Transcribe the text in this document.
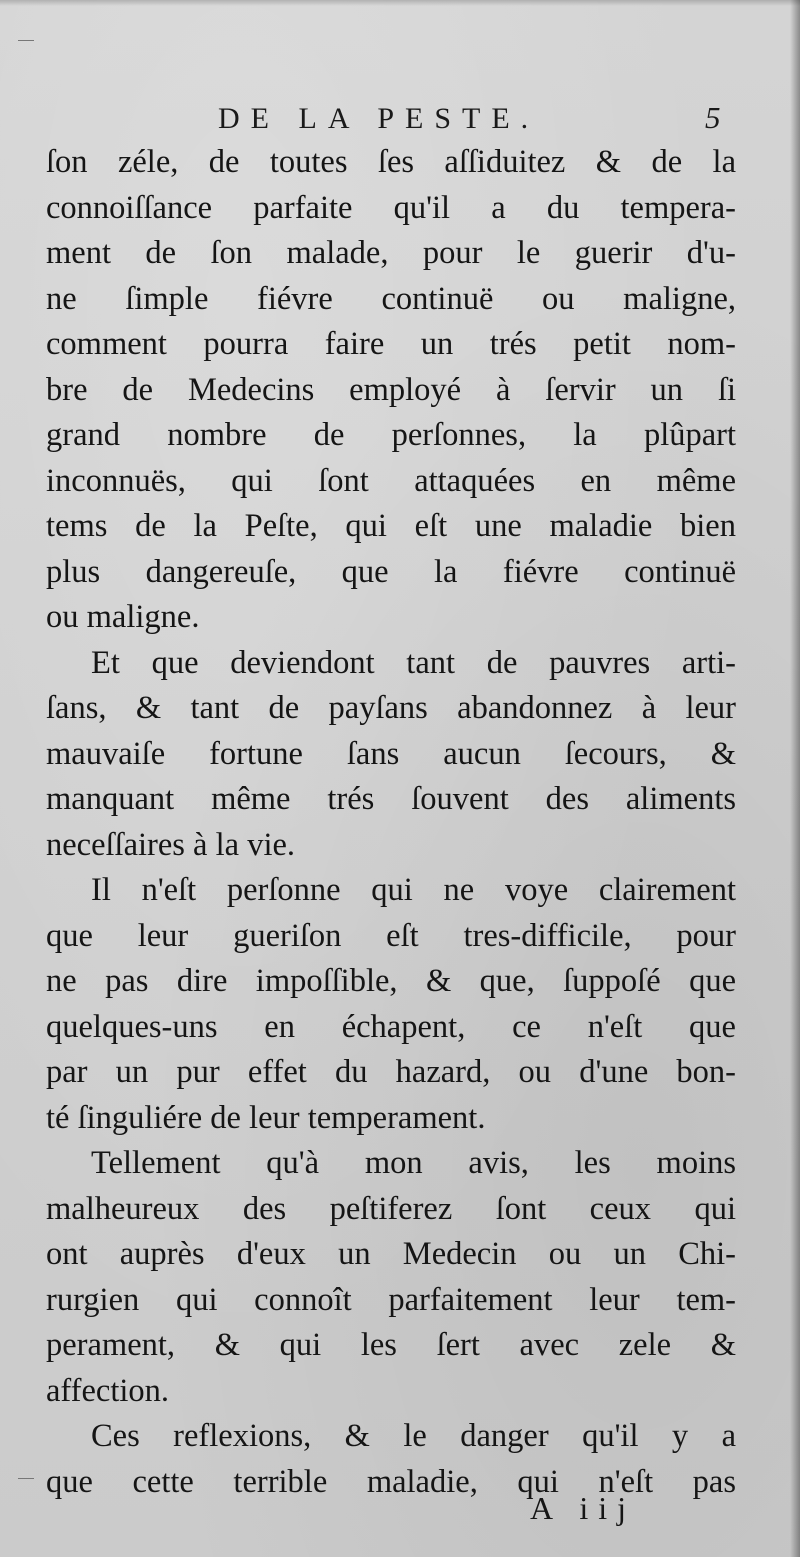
DE LA PESTE.	5
ſon zéle, de toutes ſes aſſiduitez & de la
connoiſſance parfaite qu'il a du tempera-
ment de ſon malade, pour le guerir d'u-
ne ſimple fiévre continuë ou maligne,
comment pourra faire un trés petit nom-
bre de Medecins employé à ſervir un ſi
grand nombre de perſonnes, la plûpart
inconnuës, qui ſont attaquées en même
tems de la Peſte, qui eſt une maladie bien
plus dangereuſe, que la fiévre continuë
ou maligne.
Et que deviendont tant de pauvres arti-
ſans, & tant de payſans abandonnez à leur
mauvaiſe fortune ſans aucun ſecours, &
manquant même trés ſouvent des aliments
neceſſaires à la vie.
Il n'eſt perſonne qui ne voye clairement
que leur gueriſon eſt tres-difficile, pour
ne pas dire impoſſible, & que, ſuppoſé que
quelques-uns en échapent, ce n'eſt que
par un pur effet du hazard, ou d'une bon-
té ſinguliére de leur temperament.
Tellement qu'à mon avis, les moins
malheureux des peſtiferez ſont ceux qui
ont auprès d'eux un Medecin ou un Chi-
rurgien qui connoît parfaitement leur tem-
perament, & qui les ſert avec zele &
affection.
Ces reflexions, & le danger qu'il y a
que cette terrible maladie, qui n'eſt pas
A iij
